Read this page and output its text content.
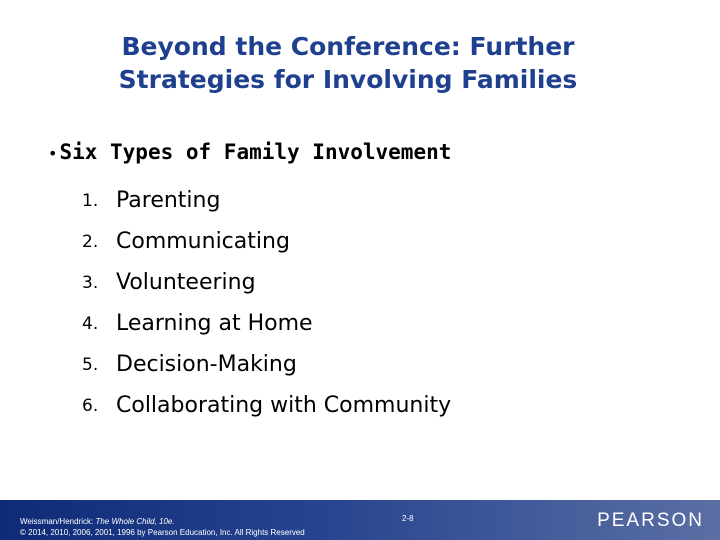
Beyond the Conference: Further
Strategies for Involving Families
•Six Types of Family Involvement
1. Parenting
2. Communicating
3. Volunteering
4. Learning at Home
5. Decision-Making
6. Collaborating with Community
Weissman/Hendrick: The Whole Child, 10e.
© 2014, 2010, 2006, 2001, 1996 by Pearson Education, Inc. All Rights Reserved
2-8	PEARSON
